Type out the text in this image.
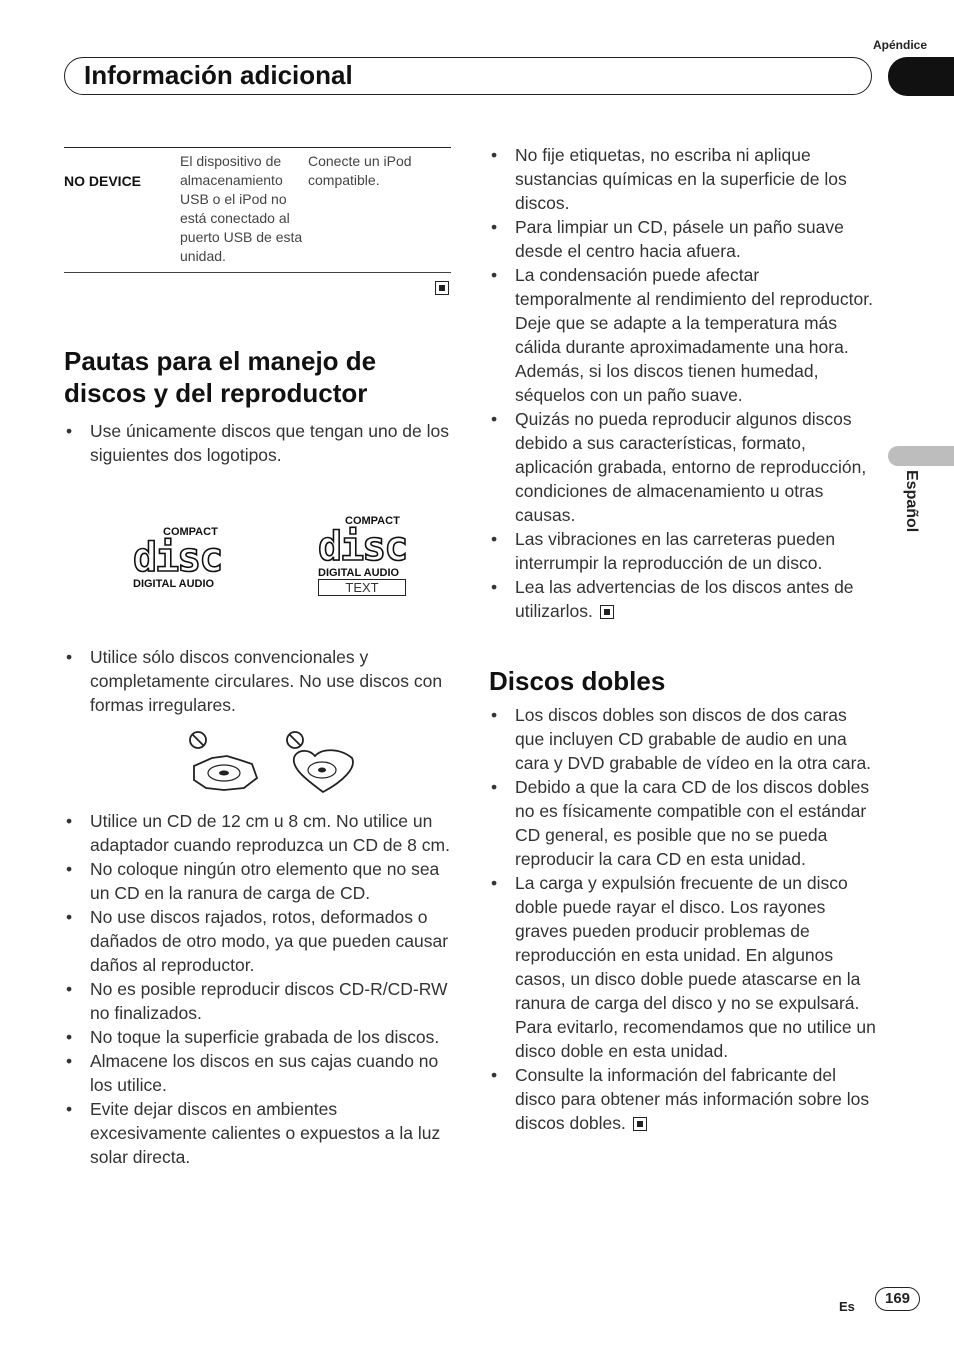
Apéndice
Información adicional
Español
NO DEVICE	El dispositivo de almacenamiento USB o el iPod no está conectado al puerto USB de esta unidad.	Conecte un iPod compatible.
Pautas para el manejo de
discos y del reproductor
• Use únicamente discos que tengan uno de los siguientes dos logotipos.
COMPACT
disc
DIGITAL AUDIO
COMPACT
disc
DIGITAL AUDIO
TEXT
• Utilice sólo discos convencionales y completamente circulares. No use discos con formas irregulares.
• Utilice un CD de 12 cm u 8 cm. No utilice un adaptador cuando reproduzca un CD de 8 cm.
• No coloque ningún otro elemento que no sea un CD en la ranura de carga de CD.
• No use discos rajados, rotos, deformados o dañados de otro modo, ya que pueden causar daños al reproductor.
• No es posible reproducir discos CD-R/CD-RW no finalizados.
• No toque la superficie grabada de los discos.
• Almacene los discos en sus cajas cuando no los utilice.
• Evite dejar discos en ambientes excesivamente calientes o expuestos a la luz solar directa.
• No fije etiquetas, no escriba ni aplique sustancias químicas en la superficie de los discos.
• Para limpiar un CD, pásele un paño suave desde el centro hacia afuera.
• La condensación puede afectar temporalmente al rendimiento del reproductor. Deje que se adapte a la temperatura más cálida durante aproximadamente una hora. Además, si los discos tienen humedad, séquelos con un paño suave.
• Quizás no pueda reproducir algunos discos debido a sus características, formato, aplicación grabada, entorno de reproducción, condiciones de almacenamiento u otras causas.
• Las vibraciones en las carreteras pueden interrumpir la reproducción de un disco.
• Lea las advertencias de los discos antes de utilizarlos.
Discos dobles
• Los discos dobles son discos de dos caras que incluyen CD grabable de audio en una cara y DVD grabable de vídeo en la otra cara.
• Debido a que la cara CD de los discos dobles no es físicamente compatible con el estándar CD general, es posible que no se pueda reproducir la cara CD en esta unidad.
• La carga y expulsión frecuente de un disco doble puede rayar el disco. Los rayones graves pueden producir problemas de reproducción en esta unidad. En algunos casos, un disco doble puede atascarse en la ranura de carga del disco y no se expulsará. Para evitarlo, recomendamos que no utilice un disco doble en esta unidad.
• Consulte la información del fabricante del disco para obtener más información sobre los discos dobles.
Es	169
